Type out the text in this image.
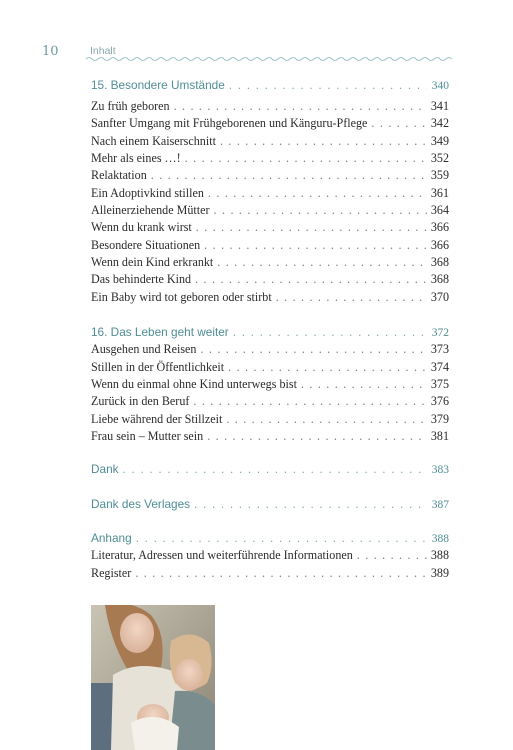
10	Inhalt
15. Besondere Umstände . . .	340
Zu früh geboren . . .	341
Sanfter Umgang mit Frühgeborenen und Känguru-Pflege . . .	342
Nach einem Kaiserschnitt . . .	349
Mehr als eines …! . . .	352
Relaktation . . .	359
Ein Adoptivkind stillen . . .	361
Alleinerziehende Mütter . . .	364
Wenn du krank wirst . . .	366
Besondere Situationen . . .	366
Wenn dein Kind erkrankt . . .	368
Das behinderte Kind . . .	368
Ein Baby wird tot geboren oder stirbt . . .	370
16. Das Leben geht weiter . . .	372
Ausgehen und Reisen . . .	373
Stillen in der Öffentlichkeit . . .	374
Wenn du einmal ohne Kind unterwegs bist . . .	375
Zurück in den Beruf . . .	376
Liebe während der Stillzeit . . .	379
Frau sein – Mutter sein . . .	381
Dank . . .	383
Dank des Verlages . . .	387
Anhang . . .	388
Literatur, Adressen und weiterführende Informationen . . .	388
Register . . .	389
